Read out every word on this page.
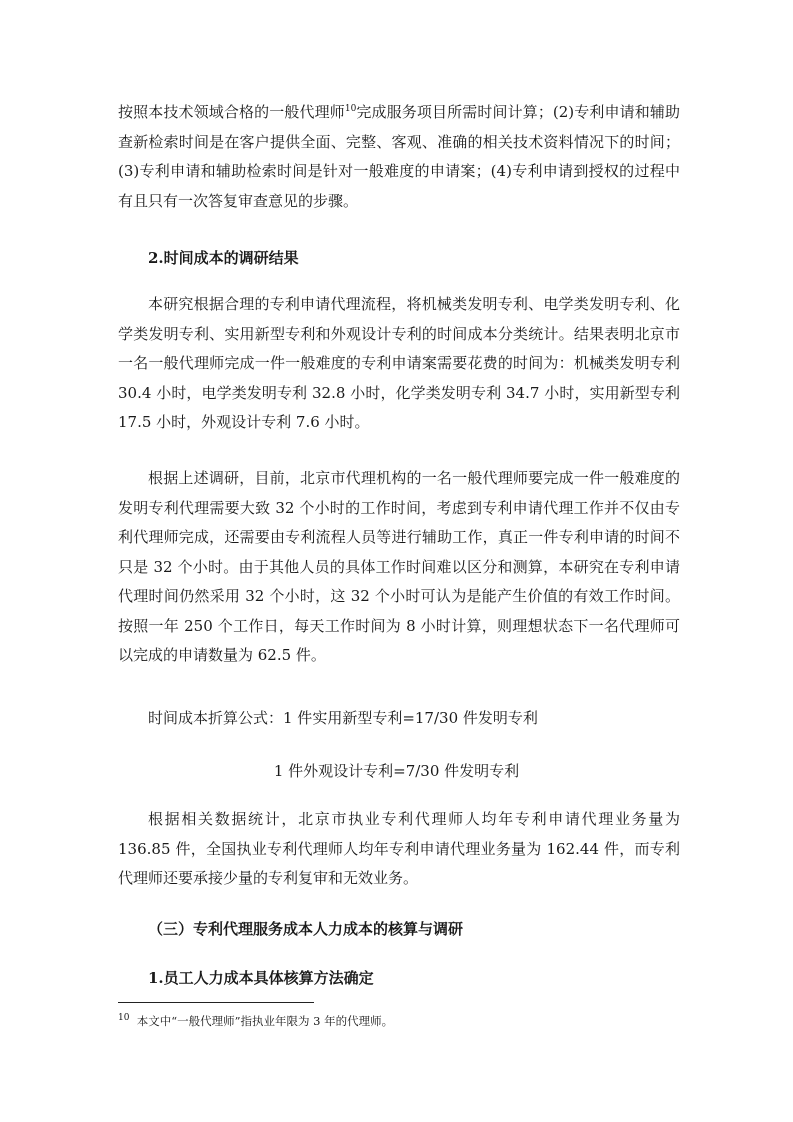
按照本技术领域合格的一般代理师$^{10}$完成服务项目所需时间计算；(2)专利申请和辅助查新检索时间是在客户提供全面、完整、客观、准确的相关技术资料情况下的时间；(3)专利申请和辅助检索时间是针对一般难度的申请案；(4)专利申请到授权的过程中有且只有一次答复审查意见的步骤。

2.时间成本的调研结果

本研究根据合理的专利申请代理流程，将机械类发明专利、电学类发明专利、化学类发明专利、实用新型专利和外观设计专利的时间成本分类统计。结果表明北京市一名一般代理师完成一件一般难度的专利申请案需要花费的时间为：机械类发明专利 30.4 小时，电学类发明专利 32.8 小时，化学类发明专利 34.7 小时，实用新型专利 17.5 小时，外观设计专利 7.6 小时。

根据上述调研，目前，北京市代理机构的一名一般代理师要完成一件一般难度的发明专利代理需要大致 32 个小时的工作时间，考虑到专利申请代理工作并不仅由专利代理师完成，还需要由专利流程人员等进行辅助工作，真正一件专利申请的时间不只是 32 个小时。由于其他人员的具体工作时间难以区分和测算，本研究在专利申请代理时间仍然采用 32 个小时，这 32 个小时可认为是能产生价值的有效工作时间。按照一年 250 个工作日，每天工作时间为 8 小时计算，则理想状态下一名代理师可以完成的申请数量为 62.5 件。

时间成本折算公式：1 件实用新型专利=17/30 件发明专利

1 件外观设计专利=7/30 件发明专利

根据相关数据统计，北京市执业专利代理师人均年专利申请代理业务量为 136.85 件，全国执业专利代理师人均年专利申请代理业务量为 162.44 件，而专利代理师还要承接少量的专利复审和无效业务。

（三）专利代理服务成本人力成本的核算与调研

1.员工人力成本具体核算方法确定

$^{10}$ 本文中“一般代理师”指执业年限为 3 年的代理师。
